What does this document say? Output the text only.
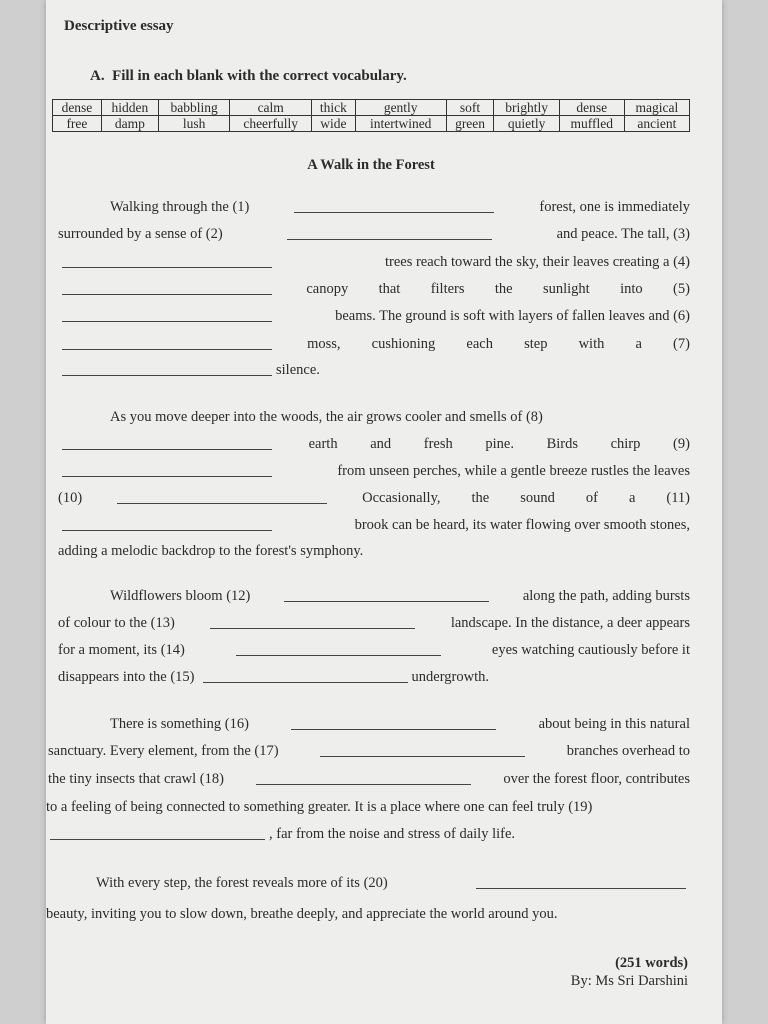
Descriptive essay
A.  Fill in each blank with the correct vocabulary.
dense	hidden	babbling	calm	thick	gently	soft	brightly	dense	magical
free	damp	lush	cheerfully	wide	intertwined	green	quietly	muffled	ancient
A Walk in the Forest
Walking through the (1)	forest, one is immediately
surrounded by a sense of (2)	and peace. The tall, (3)
trees reach toward the sky, their leaves creating a (4)
canopy that filters the sunlight into (5)
beams. The ground is soft with layers of fallen leaves and (6)
moss, cushioning each step with a (7)
silence.
As you move deeper into the woods, the air grows cooler and smells of (8)
earth and fresh pine. Birds chirp (9)
from unseen perches, while a gentle breeze rustles the leaves
(10)	Occasionally, the sound of a (11)
brook can be heard, its water flowing over smooth stones,
adding a melodic backdrop to the forest's symphony.
Wildflowers bloom (12)	along the path, adding bursts
of colour to the (13)	landscape. In the distance, a deer appears
for a moment, its (14)	eyes watching cautiously before it
disappears into the (15)	undergrowth.
There is something (16)	about being in this natural
sanctuary. Every element, from the (17)	branches overhead to
the tiny insects that crawl (18)	over the forest floor, contributes
to a feeling of being connected to something greater. It is a place where one can feel truly (19)
, far from the noise and stress of daily life.
With every step, the forest reveals more of its (20)
beauty, inviting you to slow down, breathe deeply, and appreciate the world around you.
(251 words)
By: Ms Sri Darshini
